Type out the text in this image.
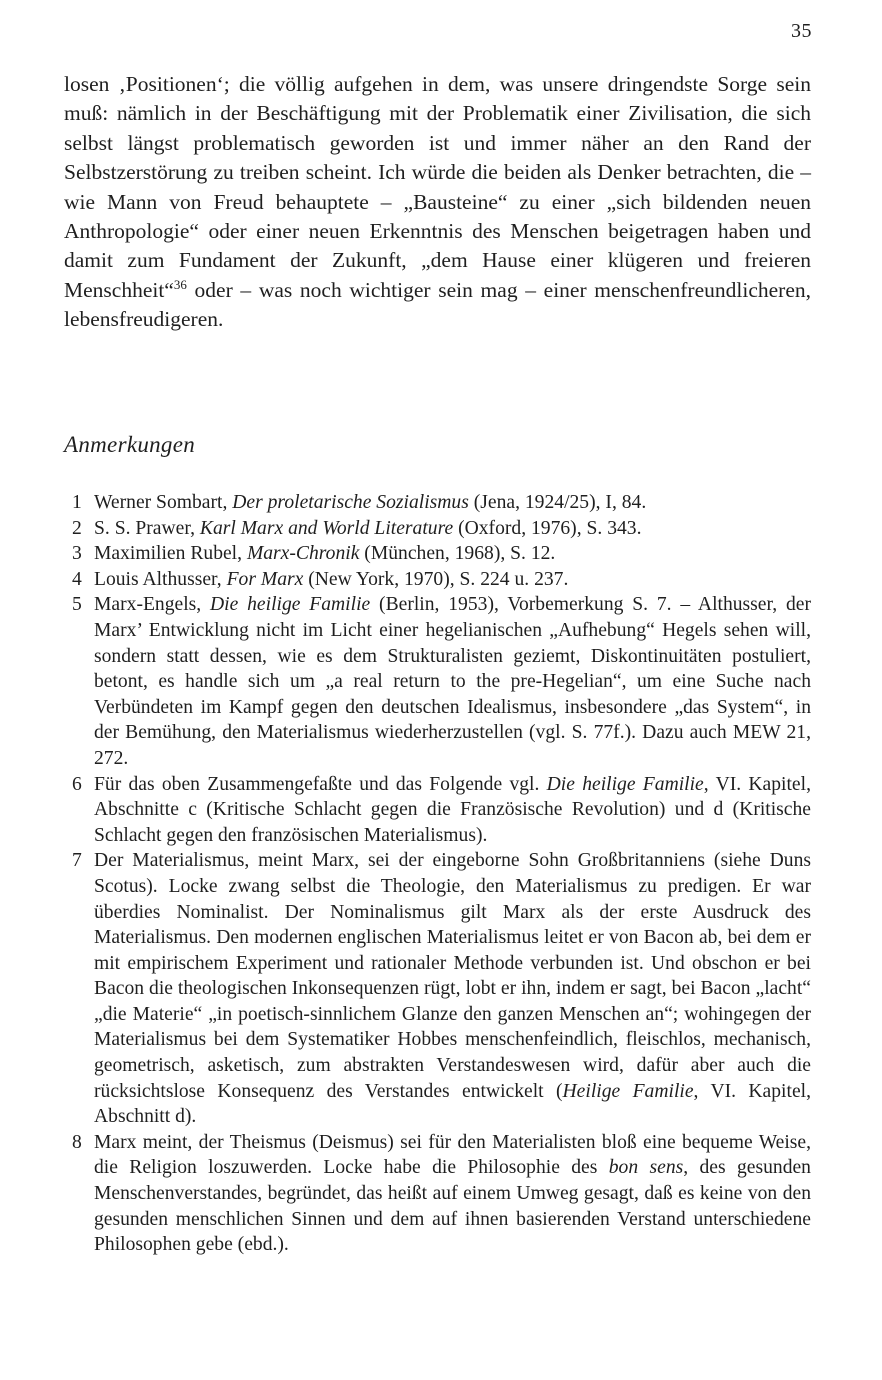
35

losen ‚Positionen‘; die völlig aufgehen in dem, was unsere dringendste Sorge sein muß: nämlich in der Beschäftigung mit der Problematik einer Zivilisation, die sich selbst längst problematisch geworden ist und immer näher an den Rand der Selbstzerstörung zu treiben scheint. Ich würde die beiden als Denker betrachten, die – wie Mann von Freud behauptete – „Bausteine“ zu einer „sich bildenden neuen Anthropologie“ oder einer neuen Erkenntnis des Menschen beigetragen haben und damit zum Fundament der Zukunft, „dem Hause einer klügeren und freieren Menschheit“$^{36}$ oder – was noch wichtiger sein mag – einer menschenfreundlicheren, lebensfreudigeren.

Anmerkungen
1 Werner Sombart, Der proletarische Sozialismus (Jena, 1924/25), I, 84.
2 S. S. Prawer, Karl Marx and World Literature (Oxford, 1976), S. 343.
3 Maximilien Rubel, Marx-Chronik (München, 1968), S. 12.
4 Louis Althusser, For Marx (New York, 1970), S. 224 u. 237.
5 Marx-Engels, Die heilige Familie (Berlin, 1953), Vorbemerkung S. 7. – Althusser, der Marx’ Entwicklung nicht im Licht einer hegelianischen „Aufhebung“ Hegels sehen will, sondern statt dessen, wie es dem Strukturalisten geziemt, Diskontinuitäten postuliert, betont, es handle sich um „a real return to the pre-Hegelian“, um eine Suche nach Verbündeten im Kampf gegen den deutschen Idealismus, insbesondere „das System“, in der Bemühung, den Materialismus wiederherzustellen (vgl. S. 77f.). Dazu auch MEW 21, 272.
6 Für das oben Zusammengefaßte und das Folgende vgl. Die heilige Familie, VI. Kapitel, Abschnitte c (Kritische Schlacht gegen die Französische Revolution) und d (Kritische Schlacht gegen den französischen Materialismus).
7 Der Materialismus, meint Marx, sei der eingeborne Sohn Großbritanniens (siehe Duns Scotus). Locke zwang selbst die Theologie, den Materialismus zu predigen. Er war überdies Nominalist. Der Nominalismus gilt Marx als der erste Ausdruck des Materialismus. Den modernen englischen Materialismus leitet er von Bacon ab, bei dem er mit empirischem Experiment und rationaler Methode verbunden ist. Und obschon er bei Bacon die theologischen Inkonsequenzen rügt, lobt er ihn, indem er sagt, bei Bacon „lacht“ „die Materie“ „in poetisch-sinnlichem Glanze den ganzen Menschen an“; wohingegen der Materialismus bei dem Systematiker Hobbes menschenfeindlich, fleischlos, mechanisch, geometrisch, asketisch, zum abstrakten Verstandeswesen wird, dafür aber auch die rücksichtslose Konsequenz des Verstandes entwickelt (Heilige Familie, VI. Kapitel, Abschnitt d).
8 Marx meint, der Theismus (Deismus) sei für den Materialisten bloß eine bequeme Weise, die Religion loszuwerden. Locke habe die Philosophie des bon sens, des gesunden Menschenverstandes, begründet, das heißt auf einem Umweg gesagt, daß es keine von den gesunden menschlichen Sinnen und dem auf ihnen basierenden Verstand unterschiedene Philosophen gebe (ebd.).
